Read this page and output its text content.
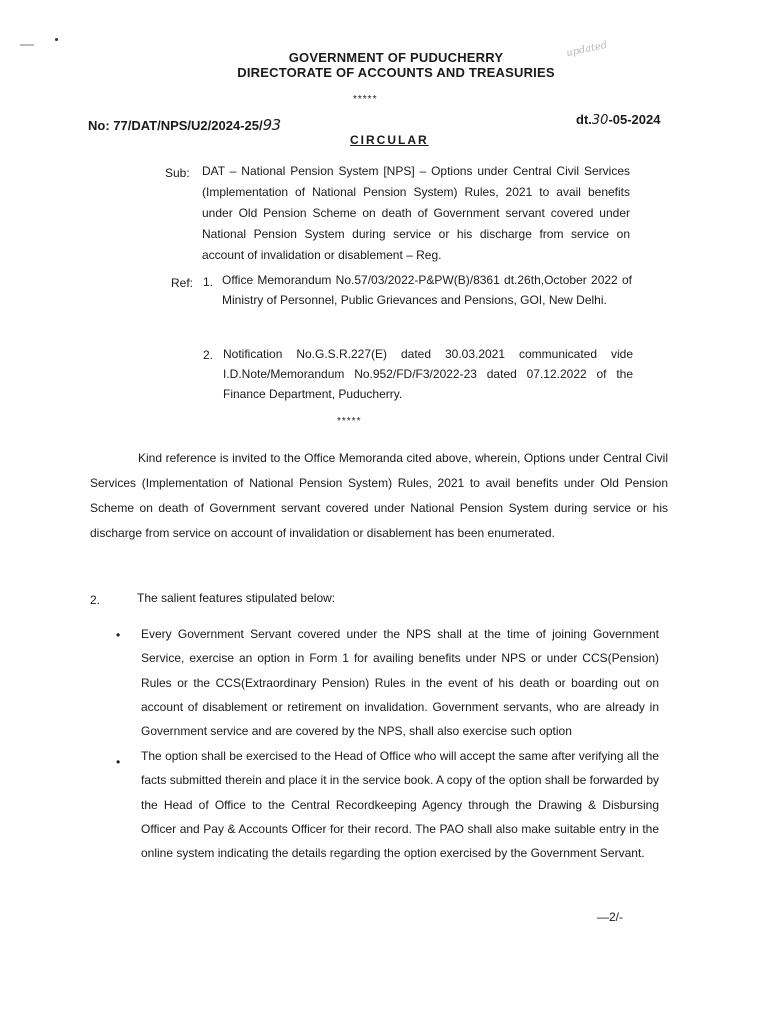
updated
GOVERNMENT OF PUDUCHERRY
DIRECTORATE OF ACCOUNTS AND TREASURIES
*****
No: 77/DAT/NPS/U2/2024-25/93	dt.30-05-2024
CIRCULAR
Sub: DAT – National Pension System [NPS] – Options under Central Civil Services (Implementation of National Pension System) Rules, 2021 to avail benefits under Old Pension Scheme on death of Government servant covered under National Pension System during service or his discharge from service on account of invalidation or disablement – Reg.
Ref: 1. Office Memorandum No.57/03/2022-P&PW(B)/8361 dt.26th,October 2022 of Ministry of Personnel, Public Grievances and Pensions, GOI, New Delhi.
2. Notification No.G.S.R.227(E) dated 30.03.2021 communicated vide I.D.Note/Memorandum No.952/FD/F3/2022-23 dated 07.12.2022 of the Finance Department, Puducherry.
*****
Kind reference is invited to the Office Memoranda cited above, wherein, Options under Central Civil Services (Implementation of National Pension System) Rules, 2021 to avail benefits under Old Pension Scheme on death of Government servant covered under National Pension System during service or his discharge from service on account of invalidation or disablement has been enumerated.
2.	The salient features stipulated below:
• Every Government Servant covered under the NPS shall at the time of joining Government Service, exercise an option in Form 1 for availing benefits under NPS or under CCS(Pension) Rules or the CCS(Extraordinary Pension) Rules in the event of his death or boarding out on account of disablement or retirement on invalidation. Government servants, who are already in Government service and are covered by the NPS, shall also exercise such option
• The option shall be exercised to the Head of Office who will accept the same after verifying all the facts submitted therein and place it in the service book. A copy of the option shall be forwarded by the Head of Office to the Central Recordkeeping Agency through the Drawing & Disbursing Officer and Pay & Accounts Officer for their record. The PAO shall also make suitable entry in the online system indicating the details regarding the option exercised by the Government Servant.
—2/-
